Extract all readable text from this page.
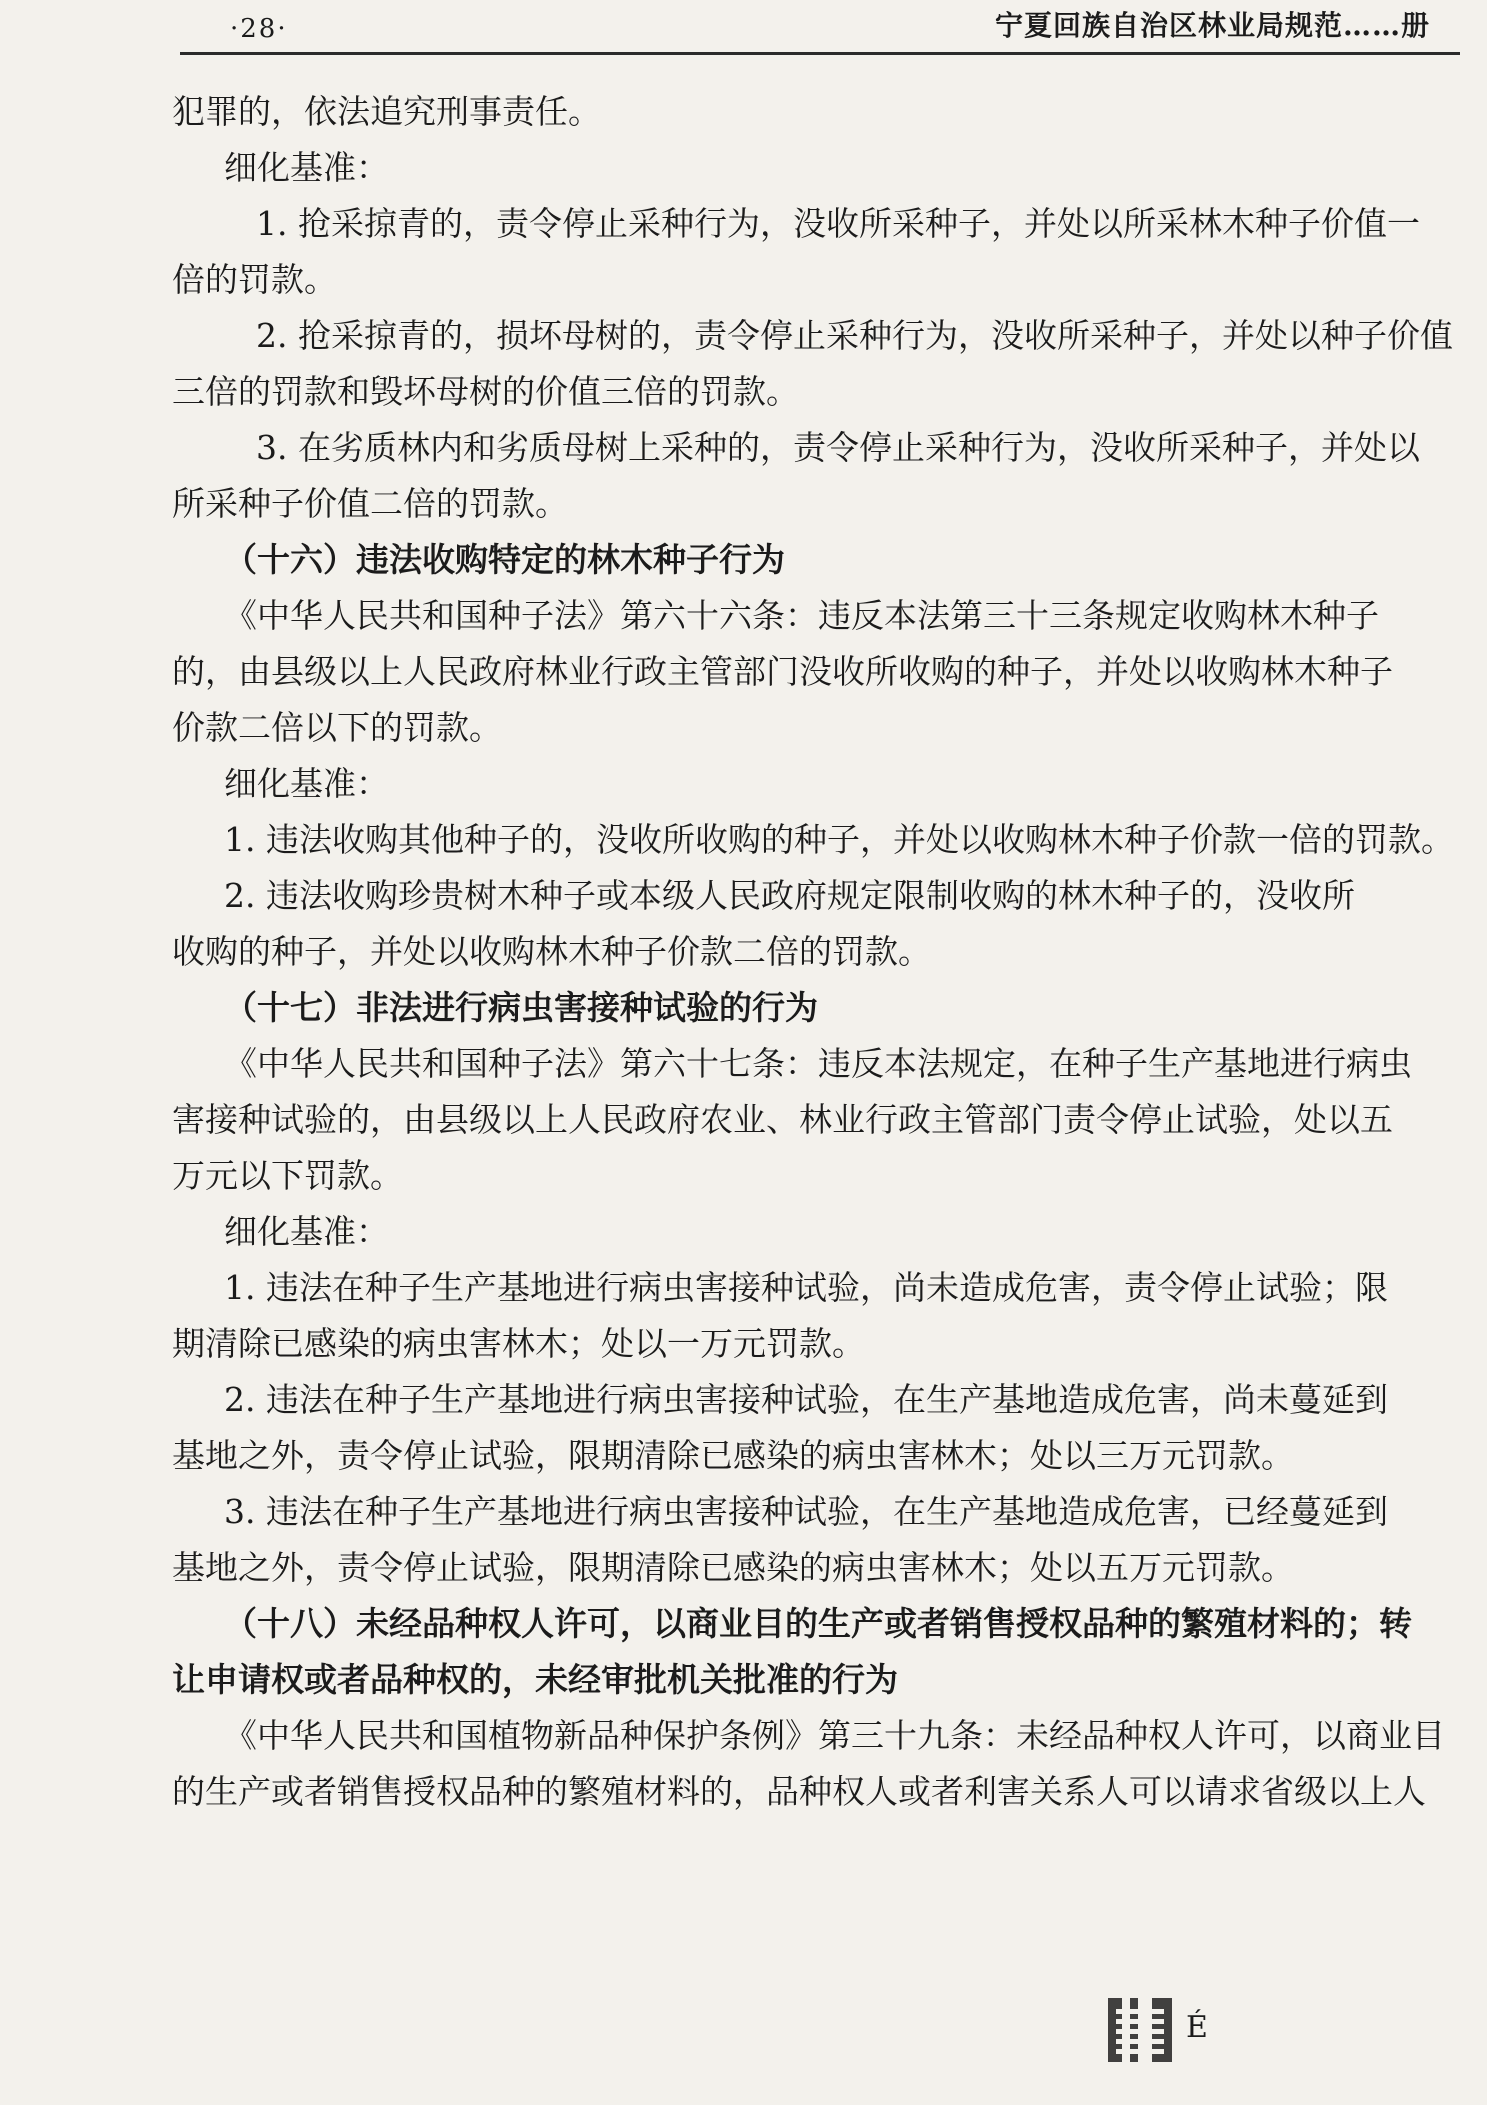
·28·	宁夏回族自治区林业局规范……册
犯罪的，依法追究刑事责任。
细化基准：
1. 抢采掠青的，责令停止采种行为，没收所采种子，并处以所采林木种子价值一
倍的罚款。
2. 抢采掠青的，损坏母树的，责令停止采种行为，没收所采种子，并处以种子价值
三倍的罚款和毁坏母树的价值三倍的罚款。
3. 在劣质林内和劣质母树上采种的，责令停止采种行为，没收所采种子，并处以
所采种子价值二倍的罚款。
（十六）违法收购特定的林木种子行为
《中华人民共和国种子法》第六十六条：违反本法第三十三条规定收购林木种子
的，由县级以上人民政府林业行政主管部门没收所收购的种子，并处以收购林木种子
价款二倍以下的罚款。
细化基准：
1. 违法收购其他种子的，没收所收购的种子，并处以收购林木种子价款一倍的罚款。
2. 违法收购珍贵树木种子或本级人民政府规定限制收购的林木种子的，没收所
收购的种子，并处以收购林木种子价款二倍的罚款。
（十七）非法进行病虫害接种试验的行为
《中华人民共和国种子法》第六十七条：违反本法规定，在种子生产基地进行病虫
害接种试验的，由县级以上人民政府农业、林业行政主管部门责令停止试验，处以五
万元以下罚款。
细化基准：
1. 违法在种子生产基地进行病虫害接种试验，尚未造成危害，责令停止试验；限
期清除已感染的病虫害林木；处以一万元罚款。
2. 违法在种子生产基地进行病虫害接种试验，在生产基地造成危害，尚未蔓延到
基地之外，责令停止试验，限期清除已感染的病虫害林木；处以三万元罚款。
3. 违法在种子生产基地进行病虫害接种试验，在生产基地造成危害，已经蔓延到
基地之外，责令停止试验，限期清除已感染的病虫害林木；处以五万元罚款。
（十八）未经品种权人许可，以商业目的生产或者销售授权品种的繁殖材料的；转
让申请权或者品种权的，未经审批机关批准的行为
《中华人民共和国植物新品种保护条例》第三十九条：未经品种权人许可，以商业目
的生产或者销售授权品种的繁殖材料的，品种权人或者利害关系人可以请求省级以上人
É
